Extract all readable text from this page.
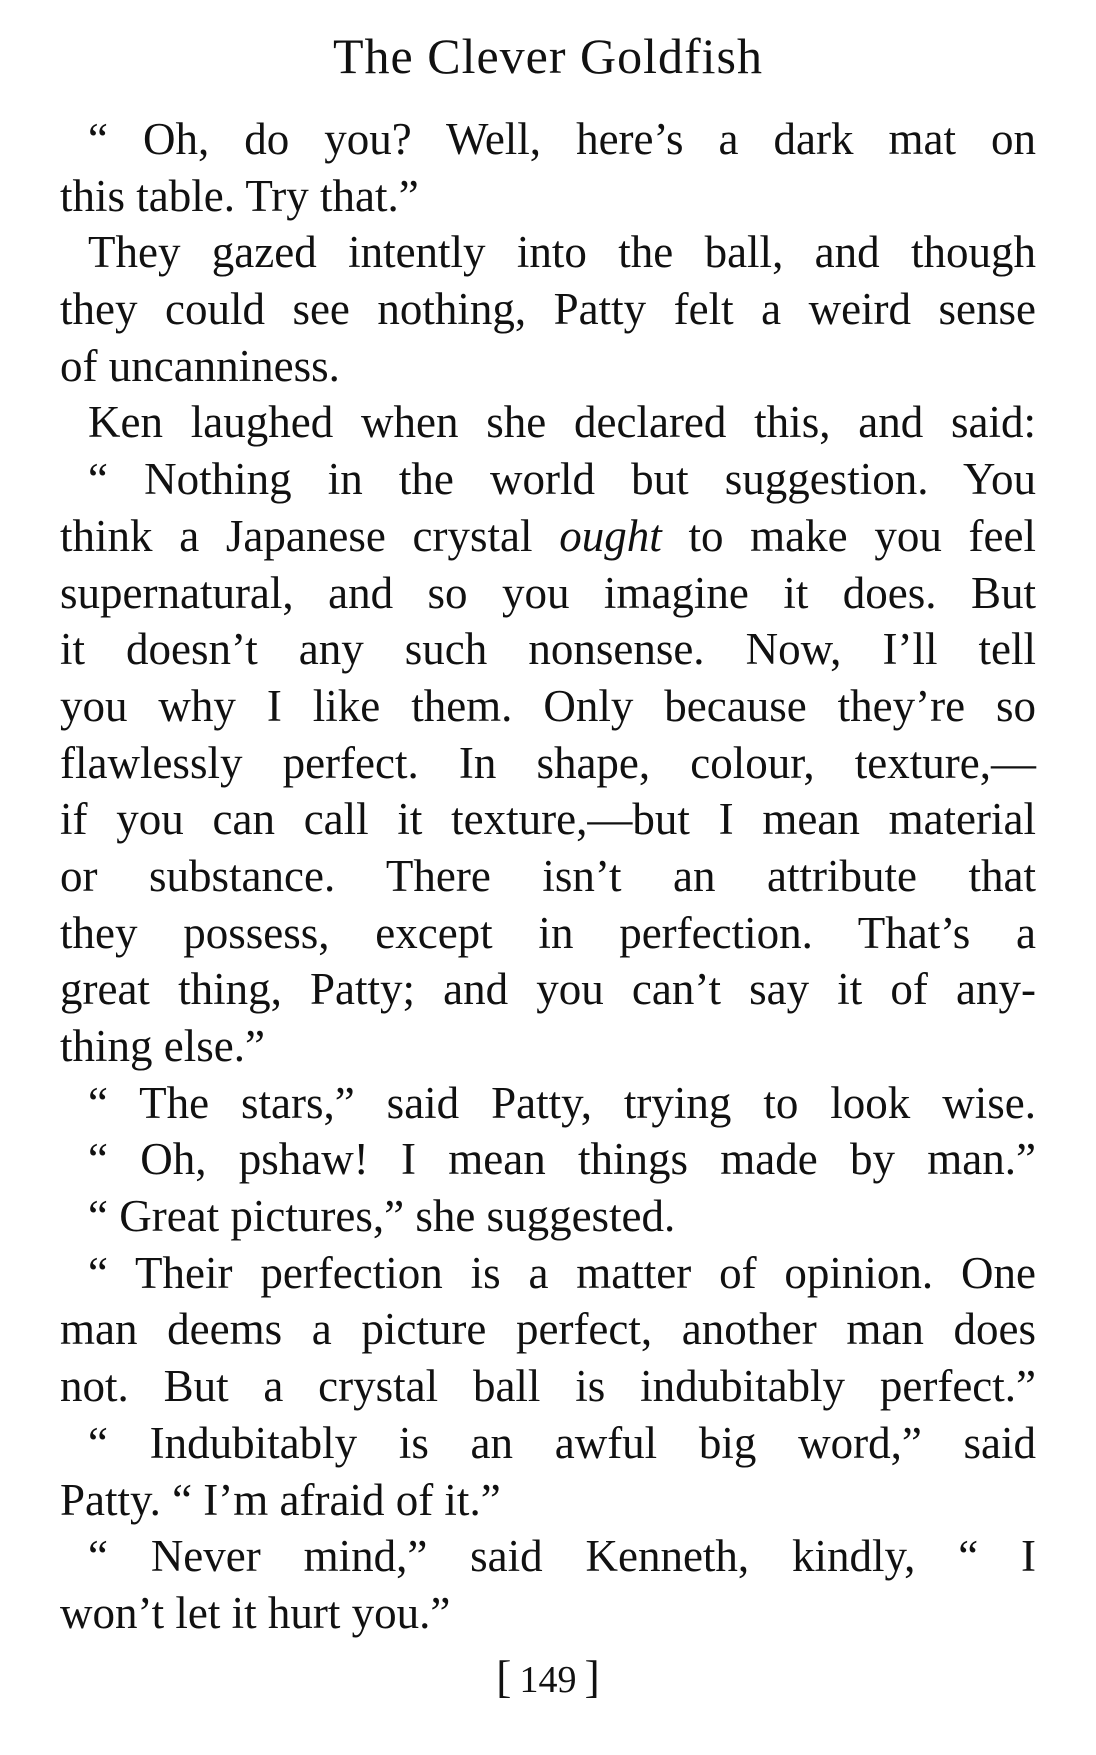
The Clever Goldfish
“ Oh, do you? Well, here’s a dark mat on
this table. Try that.”
They gazed intently into the ball, and though
they could see nothing, Patty felt a weird sense
of uncanniness.
Ken laughed when she declared this, and said:
“ Nothing in the world but suggestion. You
think a Japanese crystal ought to make you feel
supernatural, and so you imagine it does. But
it doesn’t any such nonsense. Now, I’ll tell
you why I like them. Only because they’re so
flawlessly perfect. In shape, colour, texture,—
if you can call it texture,—but I mean material
or substance. There isn’t an attribute that
they possess, except in perfection. That’s a
great thing, Patty; and you can’t say it of any-
thing else.”
“ The stars,” said Patty, trying to look wise.
“ Oh, pshaw! I mean things made by man.”
“ Great pictures,” she suggested.
“ Their perfection is a matter of opinion. One
man deems a picture perfect, another man does
not. But a crystal ball is indubitably perfect.”
“ Indubitably is an awful big word,” said
Patty. “ I’m afraid of it.”
“ Never mind,” said Kenneth, kindly, “ I
won’t let it hurt you.”
[ 149 ]
